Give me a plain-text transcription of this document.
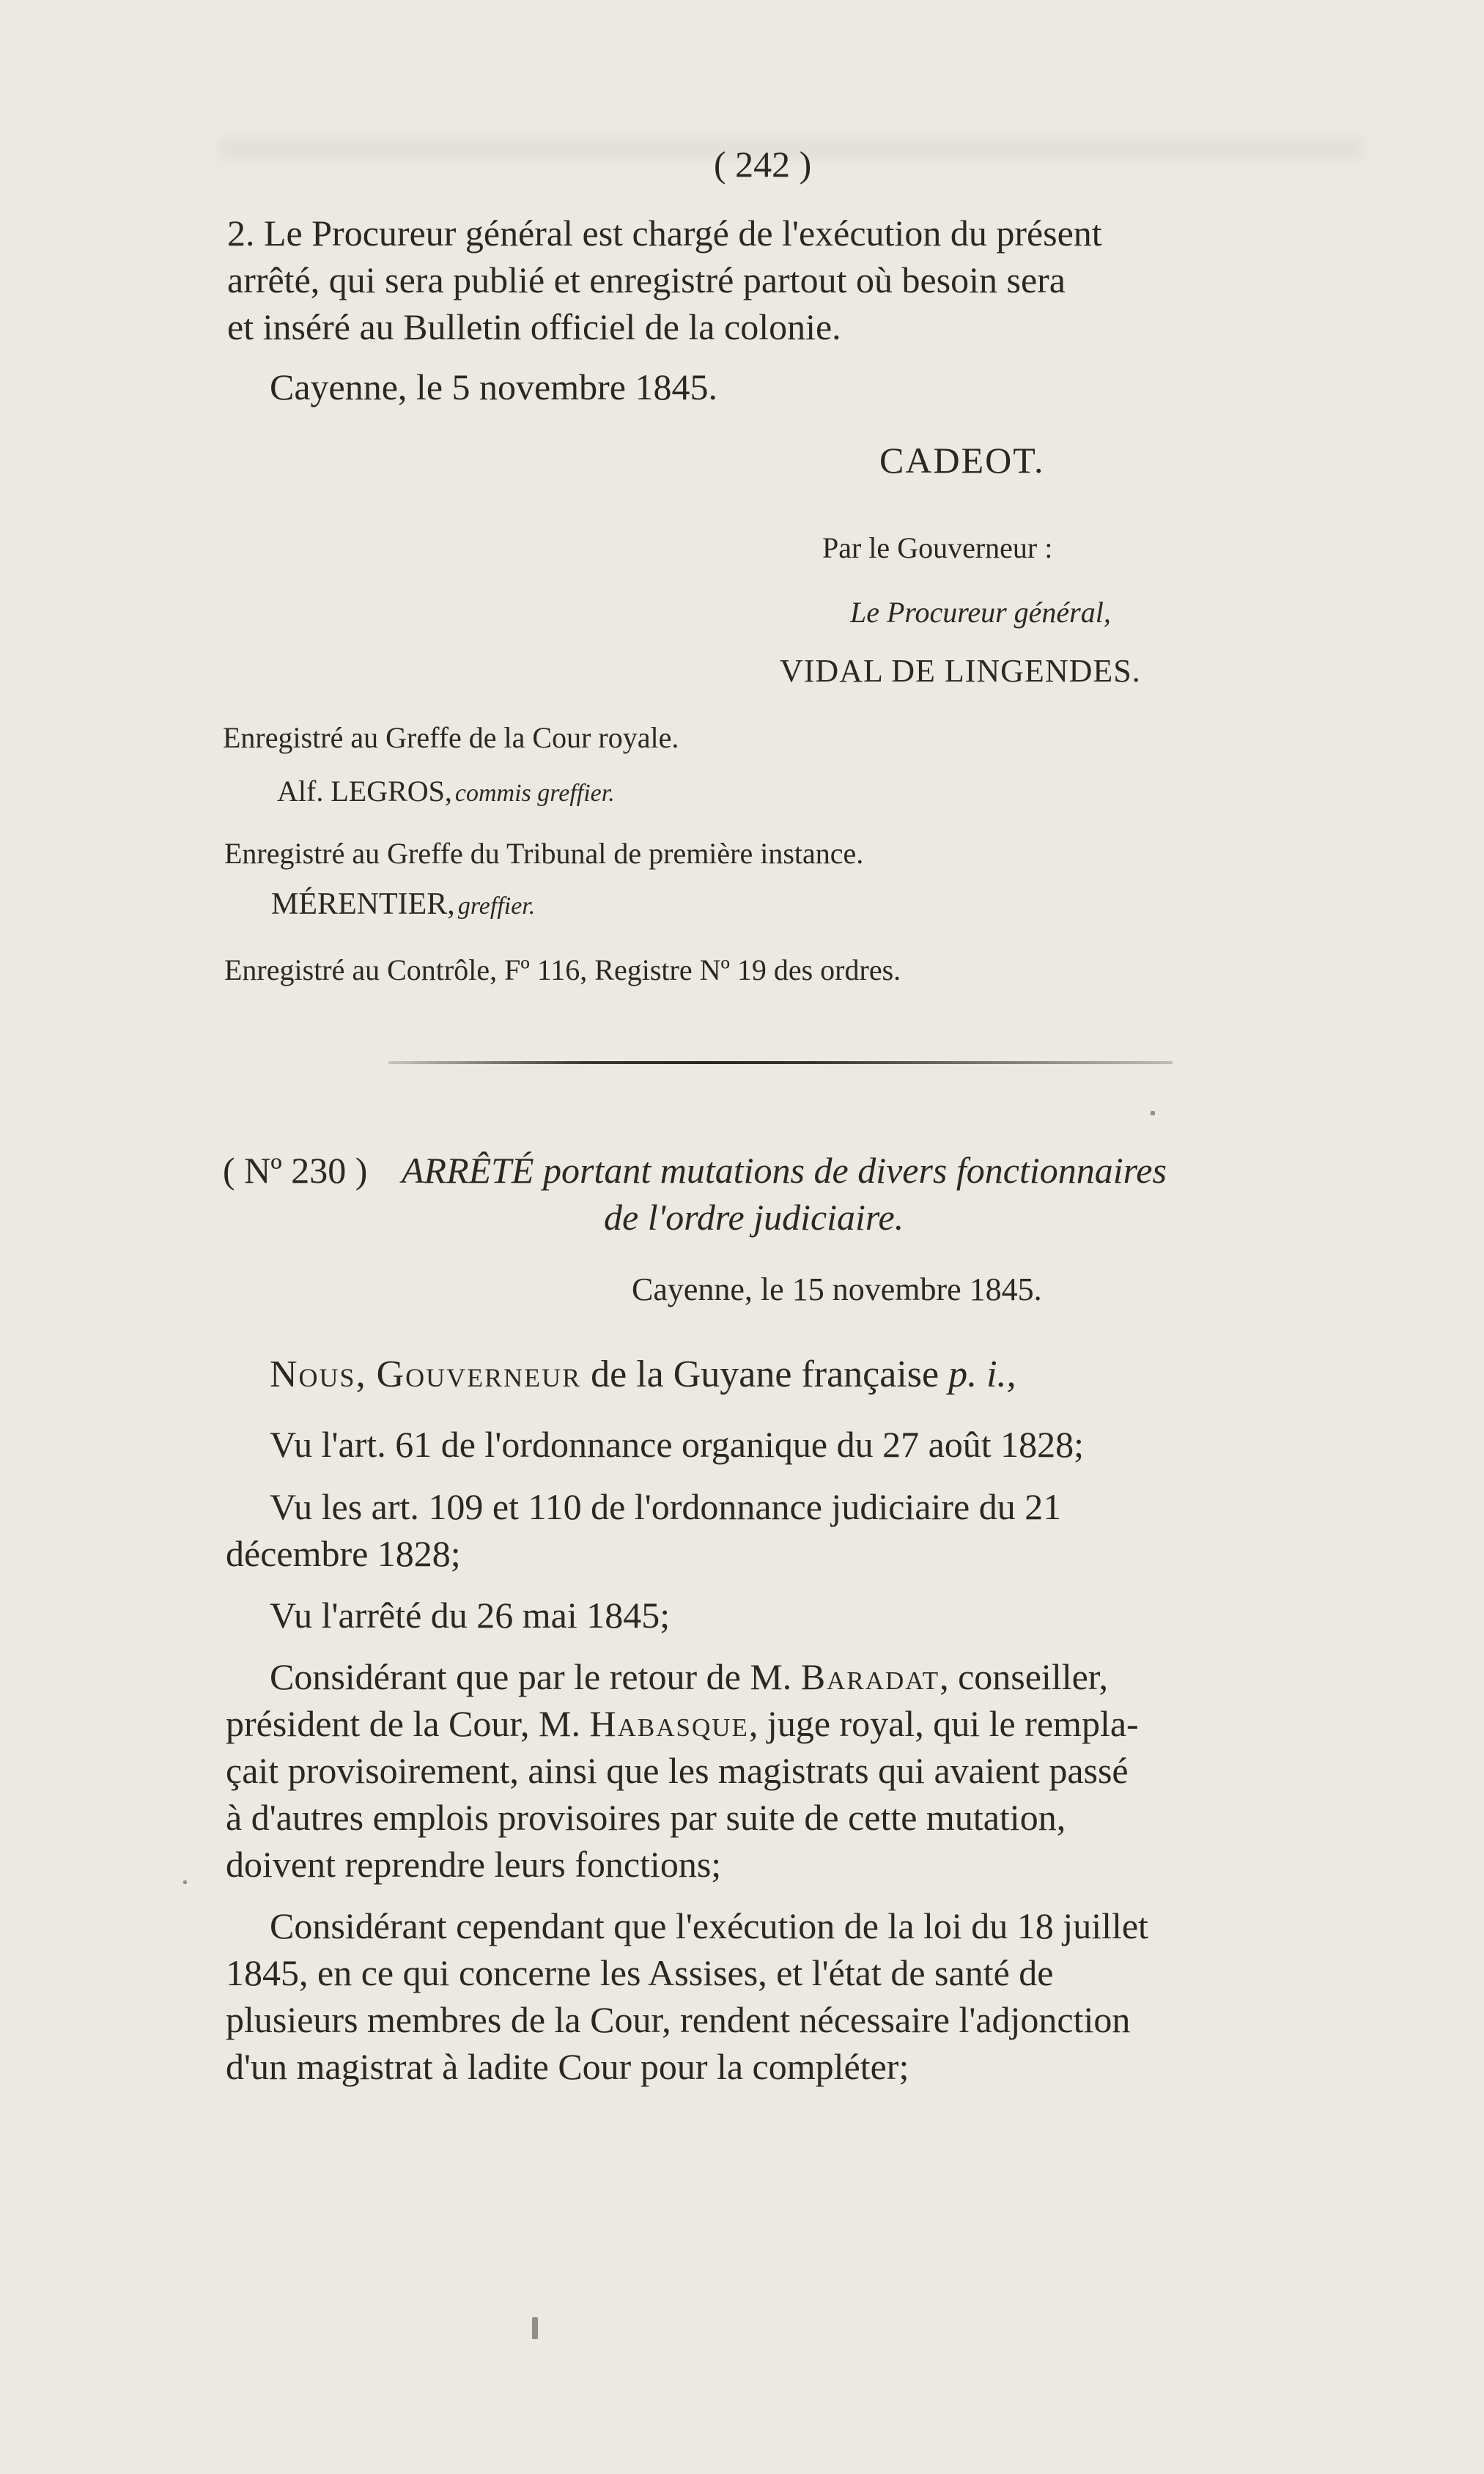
( 242 )
2. Le Procureur général est chargé de l'exécution du présent
arrêté, qui sera publié et enregistré partout où besoin sera
et inséré au Bulletin officiel de la colonie.
Cayenne, le 5 novembre 1845.
CADEOT.
Par le Gouverneur :
Le Procureur général,
VIDAL DE LINGENDES.
Enregistré au Greffe de la Cour royale.
Alf. LEGROS, commis greffier.
Enregistré au Greffe du Tribunal de première instance.
MÉRENTIER, greffier.
Enregistré au Contrôle, Fº 116, Registre Nº 19 des ordres.
( Nº 230 ) ARRÊTÉ portant mutations de divers fonctionnaires
de l'ordre judiciaire.
Cayenne, le 15 novembre 1845.
Nous, Gouverneur de la Guyane française p. i.,
Vu l'art. 61 de l'ordonnance organique du 27 août 1828;
Vu les art. 109 et 110 de l'ordonnance judiciaire du 21
décembre 1828;
Vu l'arrêté du 26 mai 1845;
Considérant que par le retour de M. Baradat, conseiller,
président de la Cour, M. Habasque, juge royal, qui le rempla-
çait provisoirement, ainsi que les magistrats qui avaient passé
à d'autres emplois provisoires par suite de cette mutation,
doivent reprendre leurs fonctions;
Considérant cependant que l'exécution de la loi du 18 juillet
1845, en ce qui concerne les Assises, et l'état de santé de
plusieurs membres de la Cour, rendent nécessaire l'adjonction
d'un magistrat à ladite Cour pour la compléter;
